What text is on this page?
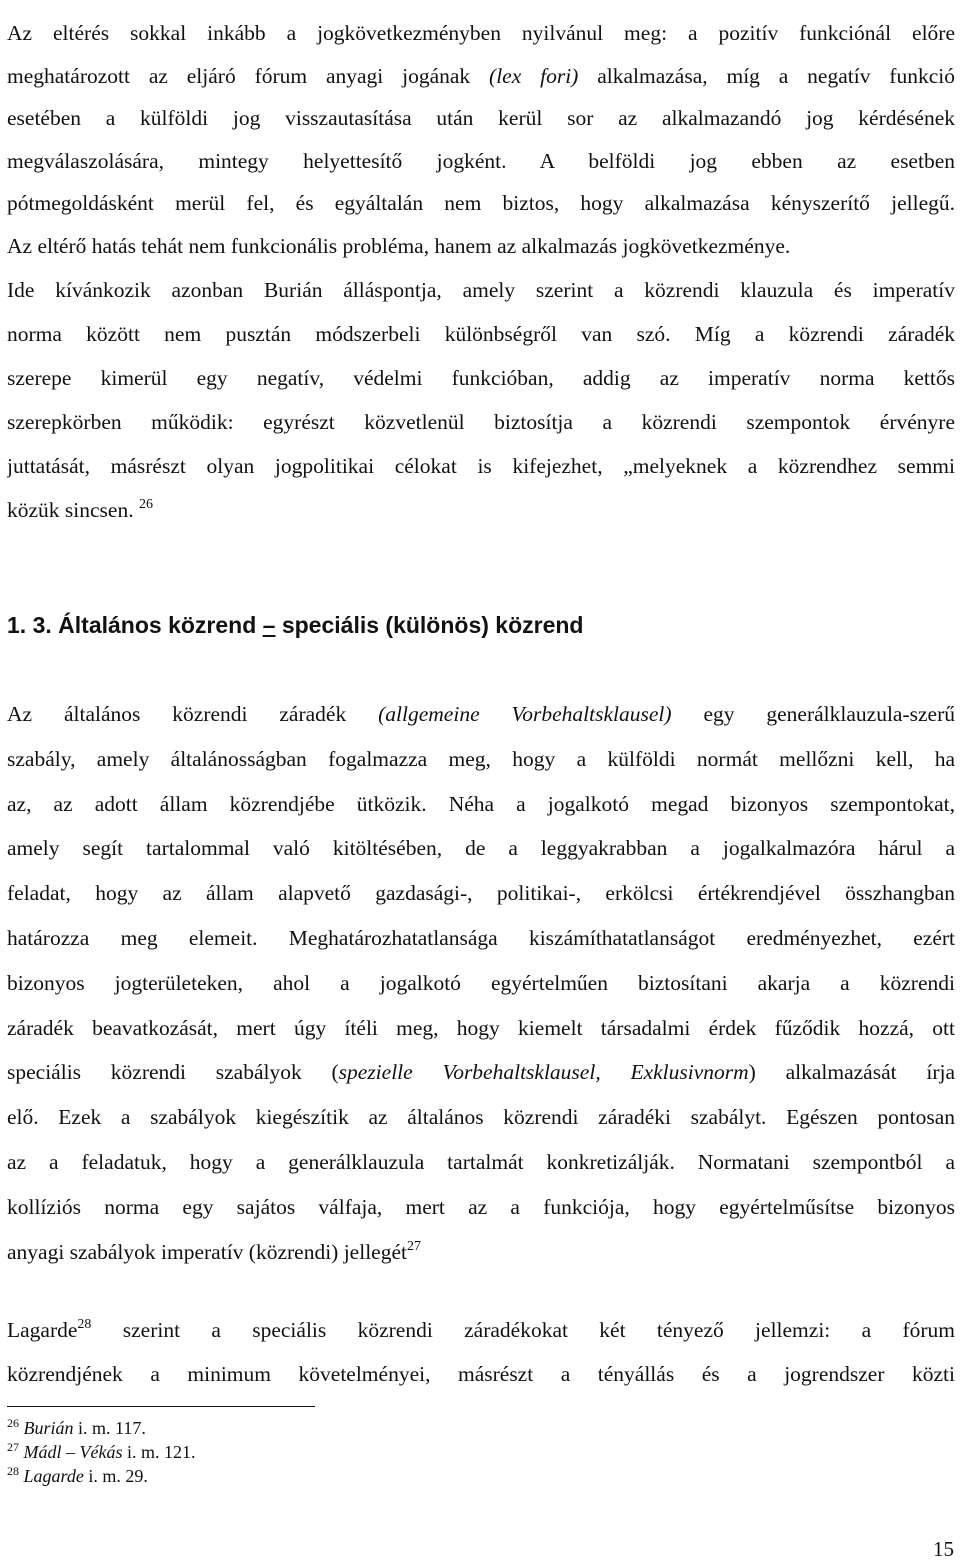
Az eltérés sokkal inkább a jogkövetkezményben nyilvánul meg: a pozitív funkciónál előre
meghatározott az eljáró fórum anyagi jogának (lex fori) alkalmazása, míg a negatív funkció
esetében a külföldi jog visszautasítása után kerül sor az alkalmazandó jog kérdésének
megválaszolására, mintegy helyettesítő jogként. A belföldi jog ebben az esetben
pótmegoldásként merül fel, és egyáltalán nem biztos, hogy alkalmazása kényszerítő jellegű.
Az eltérő hatás tehát nem funkcionális probléma, hanem az alkalmazás jogkövetkezménye.
Ide kívánkozik azonban Burián álláspontja, amely szerint a közrendi klauzula és imperatív
norma között nem pusztán módszerbeli különbségről van szó. Míg a közrendi záradék
szerepe kimerül egy negatív, védelmi funkcióban, addig az imperatív norma kettős
szerepkörben működik: egyrészt közvetlenül biztosítja a közrendi szempontok érvényre
juttatását, másrészt olyan jogpolitikai célokat is kifejezhet, „melyeknek a közrendhez semmi
közük sincsen. $^{26}$
1. 3. Általános közrend – speciális (különös) közrend
Az általános közrendi záradék (allgemeine Vorbehaltsklausel) egy generálklauzula-szerű
szabály, amely általánosságban fogalmazza meg, hogy a külföldi normát mellőzni kell, ha
az, az adott állam közrendjébe ütközik. Néha a jogalkotó megad bizonyos szempontokat,
amely segít tartalommal való kitöltésében, de a leggyakrabban a jogalkalmazóra hárul a
feladat, hogy az állam alapvető gazdasági-, politikai-, erkölcsi értékrendjével összhangban
határozza meg elemeit. Meghatározhatatlansága kiszámíthatatlanságot eredményezhet, ezért
bizonyos jogterületeken, ahol a jogalkotó egyértelműen biztosítani akarja a közrendi
záradék beavatkozását, mert úgy ítéli meg, hogy kiemelt társadalmi érdek fűződik hozzá, ott
speciális közrendi szabályok (spezielle Vorbehaltsklausel, Exklusivnorm) alkalmazását írja
elő. Ezek a szabályok kiegészítik az általános közrendi záradéki szabályt. Egészen pontosan
az a feladatuk, hogy a generálklauzula tartalmát konkretizálják. Normatani szempontból a
kollíziós norma egy sajátos válfaja, mert az a funkciója, hogy egyértelműsítse bizonyos
anyagi szabályok imperatív (közrendi) jellegét$^{27}$
Lagarde$^{28}$ szerint a speciális közrendi záradékokat két tényező jellemzi: a fórum
közrendjének a minimum követelményei, másrészt a tényállás és a jogrendszer közti
$^{26}$ Burián i. m. 117.
$^{27}$ Mádl – Vékás i. m. 121.
$^{28}$ Lagarde i. m. 29.
15
